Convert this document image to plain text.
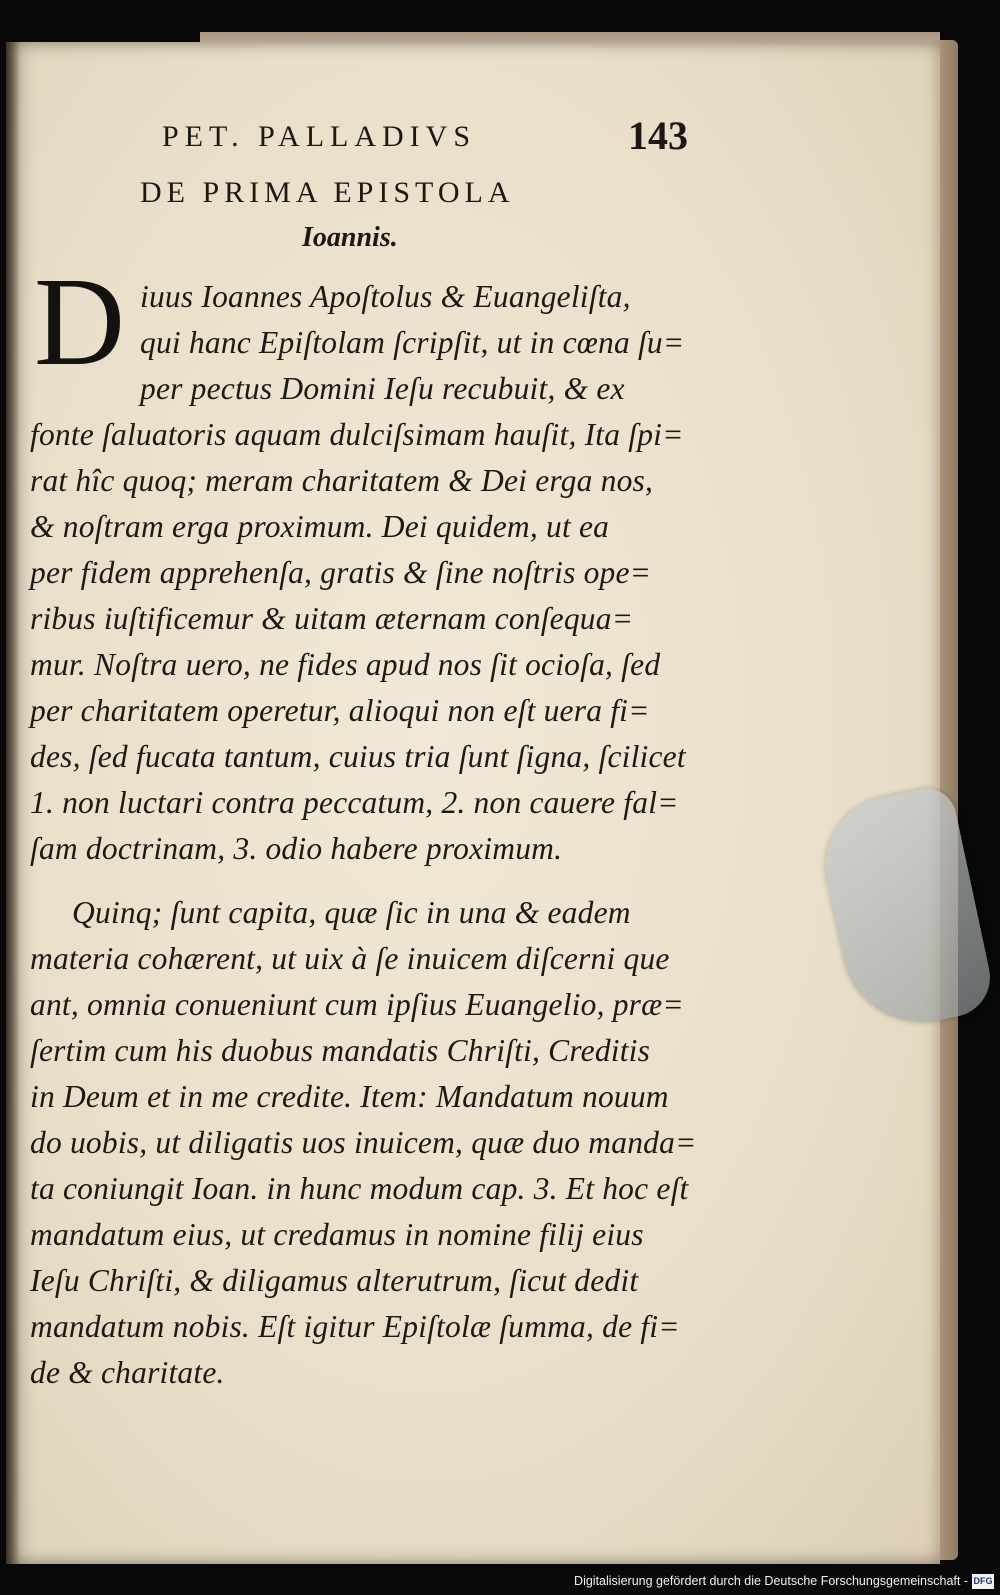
PET. PALLADIVS	143
DE PRIMA EPISTOLA
Ioannis.
D iuus Ioannes Apoſtolus & Euangeliſta,
qui hanc Epiſtolam ſcripſit, ut in cœna ſu=
per pectus Domini Ieſu recubuit, & ex
fonte ſaluatoris aquam dulciſsimam hauſit, Ita ſpi=
rat hîc quoq; meram charitatem & Dei erga nos,
& noſtram erga proximum. Dei quidem, ut ea
per fidem apprehenſa, gratis & ſine noſtris ope=
ribus iuſtificemur & uitam æternam conſequa=
mur. Noſtra uero, ne fides apud nos ſit ocioſa, ſed
per charitatem operetur, alioqui non eſt uera fi=
des, ſed fucata tantum, cuius tria ſunt ſigna, ſcilicet
1. non luctari contra peccatum, 2. non cauere fal=
ſam doctrinam, 3. odio habere proximum.
Quinq; ſunt capita, quæ ſic in una & eadem
materia cohærent, ut uix à ſe inuicem diſcerni que
ant, omnia conueniunt cum ipſius Euangelio, præ=
ſertim cum his duobus mandatis Chriſti, Creditis
in Deum et in me credite. Item: Mandatum nouum
do uobis, ut diligatis uos inuicem, quæ duo manda=
ta coniungit Ioan. in hunc modum cap. 3. Et hoc eſt
mandatum eius, ut credamus in nomine filij eius
Ieſu Chriſti, & diligamus alterutrum, ſicut dedit
mandatum nobis. Eſt igitur Epiſtolæ ſumma, de fi=
de & charitate.
Digitalisierung gefördert durch die Deutsche Forschungsgemeinschaft - DFG
